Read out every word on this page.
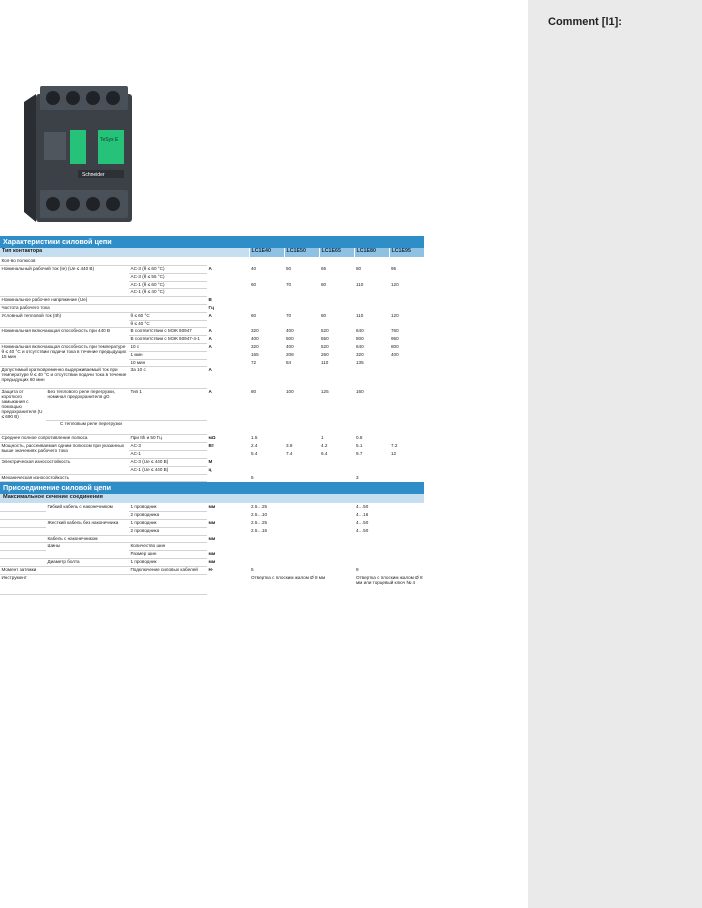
Comment [l1]:
TeSys E
Schneider
Характеристики силовой цепи								
Тип контактора				LC1E40	LC1E50	LC1E65	LC1E80	LC1E95
Кол-во полюсов								
Номинальный рабочий ток (Ie) (Ue ≤ 440 В)		AC-3 (θ ≤ 60 °C)	А	40	50	65	80	95
		AC-3 (θ ≤ 55 °C)						
		AC-1 (θ ≤ 60 °C)		60	70	80	110	120
		AC-1 (θ ≤ 40 °C)						
Номинальное рабочее напряжение (Ue)			В					
Частота рабочего тока			Гц					
Условный тепловой ток (Ith)		θ ≤ 60 °C	А	60	70	80	110	120
		θ ≤ 40 °C						
Номинальная включающая способность при 440 В		В соответствии с МЭК 60947	А	320	400	520	640	760
		В соответствии с МЭК 60947-4-1	А	400	500	650	800	950
Номинальная включающая способность при температуре θ ≤ 40 °C и отсутствии подачи тока в течение предыдущих 15 мин		10 с	А	320	400	520	640	800
		1 мин		165	208	260	320	400
		10 мин		72	84	110	135	
Допустимый кратковременно выдерживаемый ток при температуре θ ≤ 40 °C и отсутствии подачи тока в течение предыдущих 60 мин		За 10 с	А					
Защита от короткого замыкания с помощью предохранителя (U ≤ 690 В)	Без теплового реле перегрузки, номинал предохранителя gG	Тип 1	А	80	100	125	160	
	С тепловым реле перегрузки							
Среднее полное сопротивление полюса		При Ith и 50 Гц	мΩ	1.5		1	0.8	
Мощность, рассеиваемая одним полюсом при указанных выше значениях рабочего тока		AC-3	Вт	2.4	3.8	4.2	5.1	7.2
		AC-1		5.4	7.4	6.4	9.7	12
Электрическая износостойкость		AC-3 (Ue ≤ 440 В)	М					
		AC-1 (Ue ≤ 440 В)	ц					
Механическая износостойкость				5			3	
Присоединение силовой цепи								
Максимальное сечение соединения								
	Гибкий кабель с наконечником	1 проводник	мм	2.5…25			4…50	
		2 проводника		2.5…10			4…16	
	Жесткий кабель без наконечника	1 проводник	мм	2.5…25			4…50	
		2 проводника		2.5…16			4…50	
	Кабель с наконечником		мм					
	Шины	Количество шин						
		Размер шин	мм					
	Диаметр болта	1 проводник	мм					
Момент затяжки		Подключение силовых кабелей	Н·	5			9	
Инструмент				Отвертка с плоским жалом Ø 8 мм			Отвертка с плоским жалом Ø 8 мм или торцевый ключ № 4	
